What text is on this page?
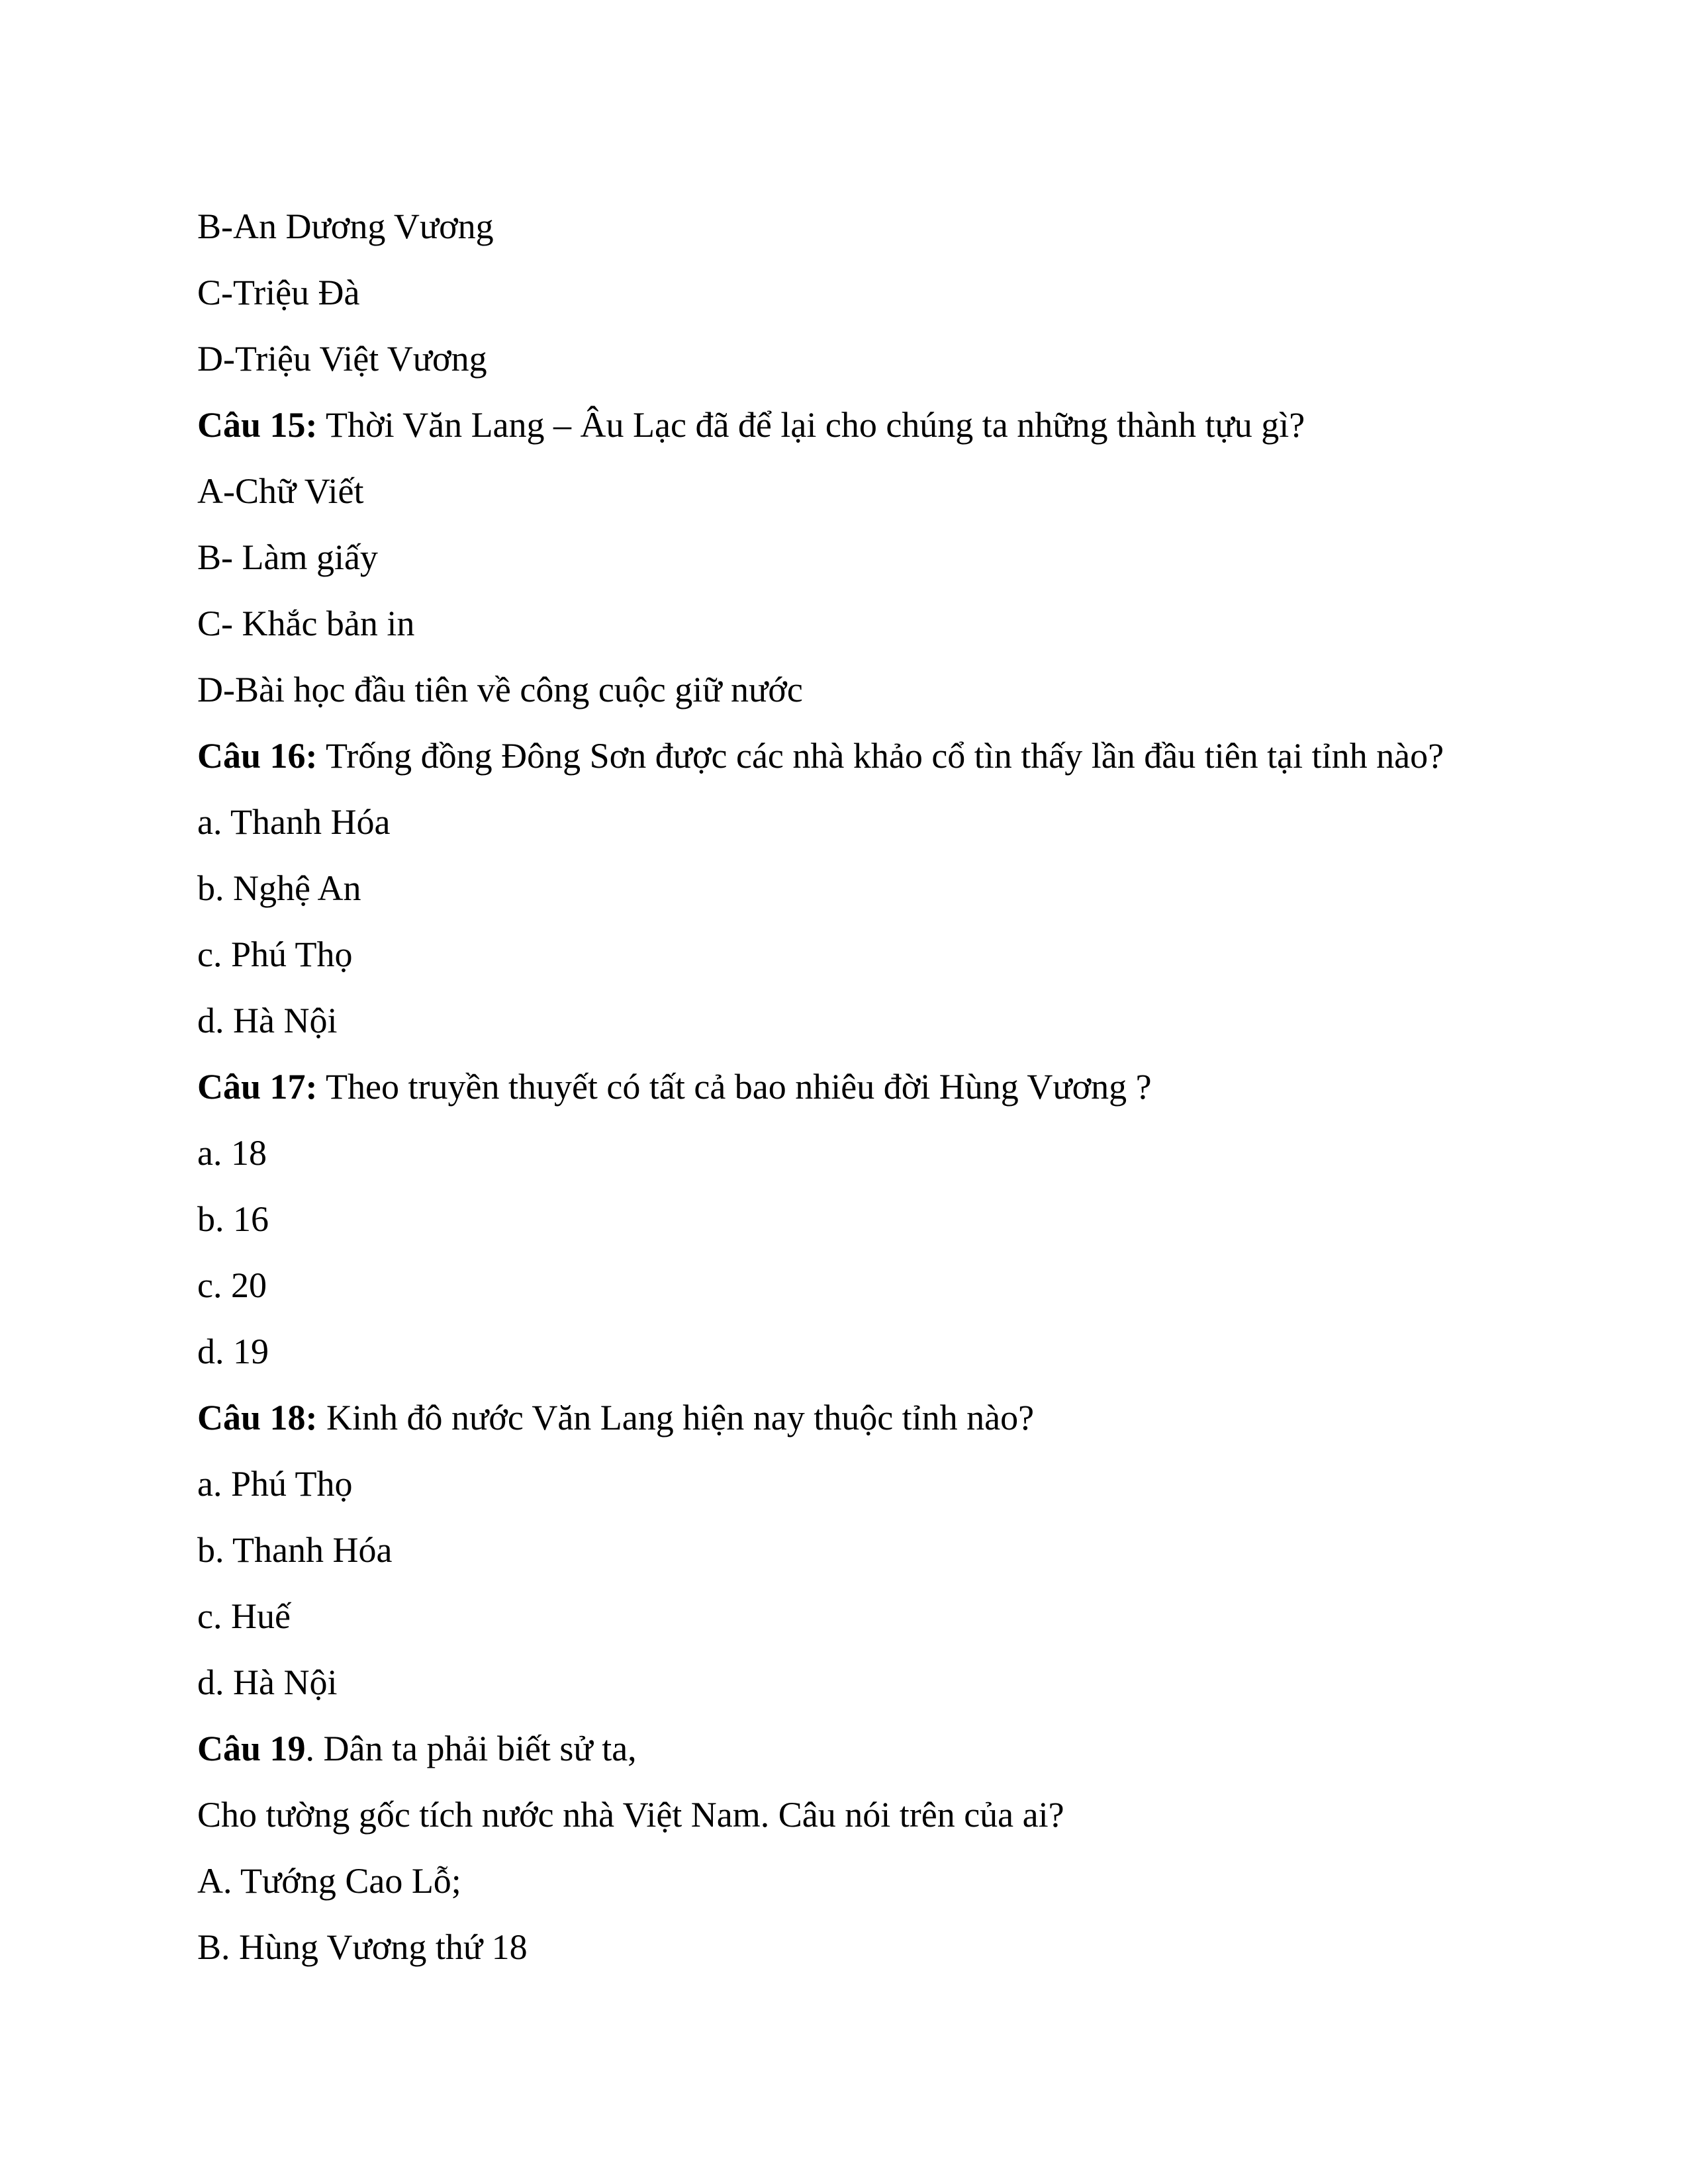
B-An Dương Vương
C-Triệu Đà
D-Triệu Việt Vương
Câu 15: Thời Văn Lang – Âu Lạc đã để lại cho chúng ta những thành tựu gì?
A-Chữ Viết
B- Làm giấy
C- Khắc bản in
D-Bài học đầu tiên về công cuộc giữ nước
Câu 16: Trống đồng Đông Sơn được các nhà khảo cổ tìn thấy lần đầu tiên tại tỉnh nào?
a. Thanh Hóa
b. Nghệ An
c. Phú Thọ
d. Hà Nội
Câu 17: Theo truyền thuyết có tất cả bao nhiêu đời Hùng Vương ?
a. 18
b. 16
c. 20
d. 19
Câu 18: Kinh đô nước Văn Lang hiện nay thuộc tỉnh nào?
a. Phú Thọ
b. Thanh Hóa
c. Huế
d. Hà Nội
Câu 19. Dân ta phải biết sử ta,
Cho tường gốc tích nước nhà Việt Nam. Câu nói trên của ai?
A. Tướng Cao Lỗ;
B. Hùng Vương thứ 18
